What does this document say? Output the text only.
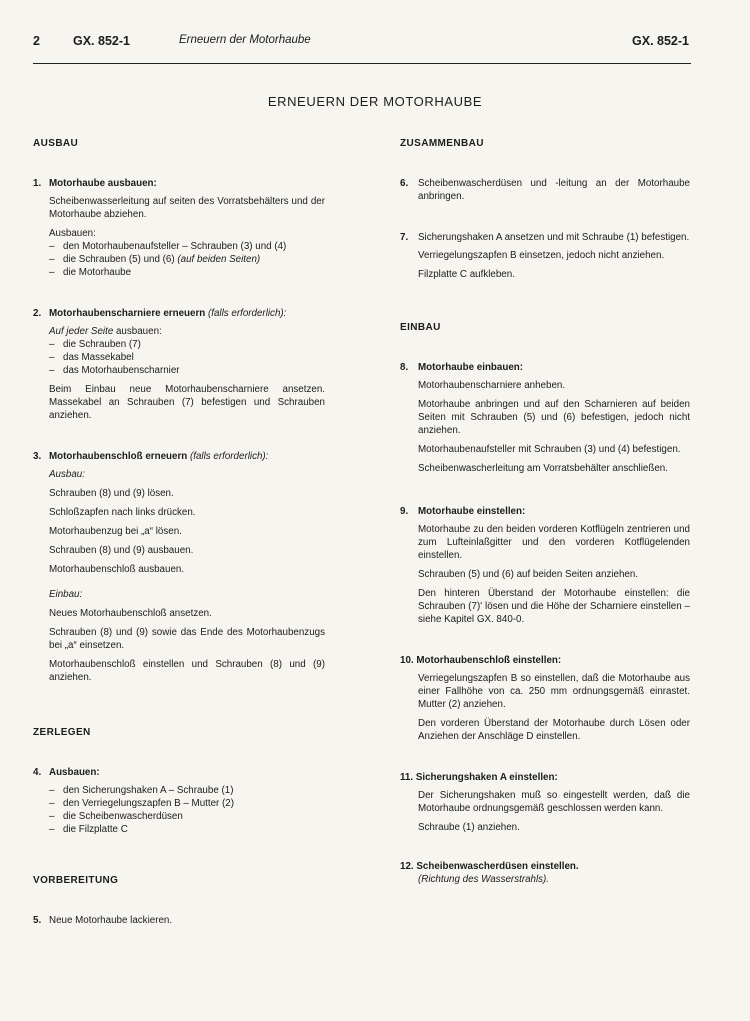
2	GX. 852-1	Erneuern der Motorhaube	GX. 852-1
ERNEUERN DER MOTORHAUBE
AUSBAU
1. Motorhaube ausbauen:

Scheibenwasserleitung auf seiten des Vorratsbehälters und der Motorhaube abziehen.

Ausbauen:

– den Motorhaubenaufsteller – Schrauben (3) und (4)
– die Schrauben (5) und (6) (auf beiden Seiten)
– die Motorhaube
2. Motorhaubenscharniere erneuern (falls erforderlich):

Auf jeder Seite ausbauen:

– die Schrauben (7)
– das Massekabel
– das Motorhaubenscharnier

Beim Einbau neue Motorhaubenscharniere ansetzen. Massekabel an Schrauben (7) befestigen und Schrauben anziehen.

3. Motorhaubenschloß erneuern (falls erforderlich):

Ausbau:

Schrauben (8) und (9) lösen.

Schloßzapfen nach links drücken.

Motorhaubenzug bei „a“ lösen.

Schrauben (8) und (9) ausbauen.

Motorhaubenschloß ausbauen.

Einbau:

Neues Motorhaubenschloß ansetzen.

Schrauben (8) und (9) sowie das Ende des Motorhaubenzugs bei „a“ einsetzen.

Motorhaubenschloß einstellen und Schrauben (8) und (9) anziehen.

ZERLEGEN
4. Ausbauen:
– den Sicherungshaken A – Schraube (1)
– den Verriegelungszapfen B – Mutter (2)
– die Scheibenwascherdüsen
– die Filzplatte C
VORBEREITUNG
5. Neue Motorhaube lackieren.
ZUSAMMENBAU
6. Scheibenwascherdüsen und -leitung an der Motorhaube anbringen.
7. Sicherungshaken A ansetzen und mit Schraube (1) befestigen.

Verriegelungszapfen B einsetzen, jedoch nicht anziehen.

Filzplatte C aufkleben.

EINBAU
8. Motorhaube einbauen:

Motorhaubenscharniere anheben.

Motorhaube anbringen und auf den Scharnieren auf beiden Seiten mit Schrauben (5) und (6) befestigen, jedoch nicht anziehen.

Motorhaubenaufsteller mit Schrauben (3) und (4) befestigen.

Scheibenwascherleitung am Vorratsbehälter anschließen.

9. Motorhaube einstellen:

Motorhaube zu den beiden vorderen Kotflügeln zentrieren und zum Lufteinlaßgitter und den vorderen Kotflügelenden einstellen.

Schrauben (5) und (6) auf beiden Seiten anziehen.

Den hinteren Überstand der Motorhaube einstellen: die Schrauben (7)' lösen und die Höhe der Scharniere einstellen – siehe Kapitel GX. 840-0.

10. Motorhaubenschloß einstellen:

Verriegelungszapfen B so einstellen, daß die Motorhaube aus einer Fallhöhe von ca. 250 mm ordnungsgemäß einrastet. Mutter (2) anziehen.

Den vorderen Überstand der Motorhaube durch Lösen oder Anziehen der Anschläge D einstellen.

11. Sicherungshaken A einstellen:

Der Sicherungshaken muß so eingestellt werden, daß die Motorhaube ordnungsgemäß geschlossen werden kann.

Schraube (1) anziehen.

12. Scheibenwascherdüsen einstellen.

(Richtung des Wasserstrahls).
